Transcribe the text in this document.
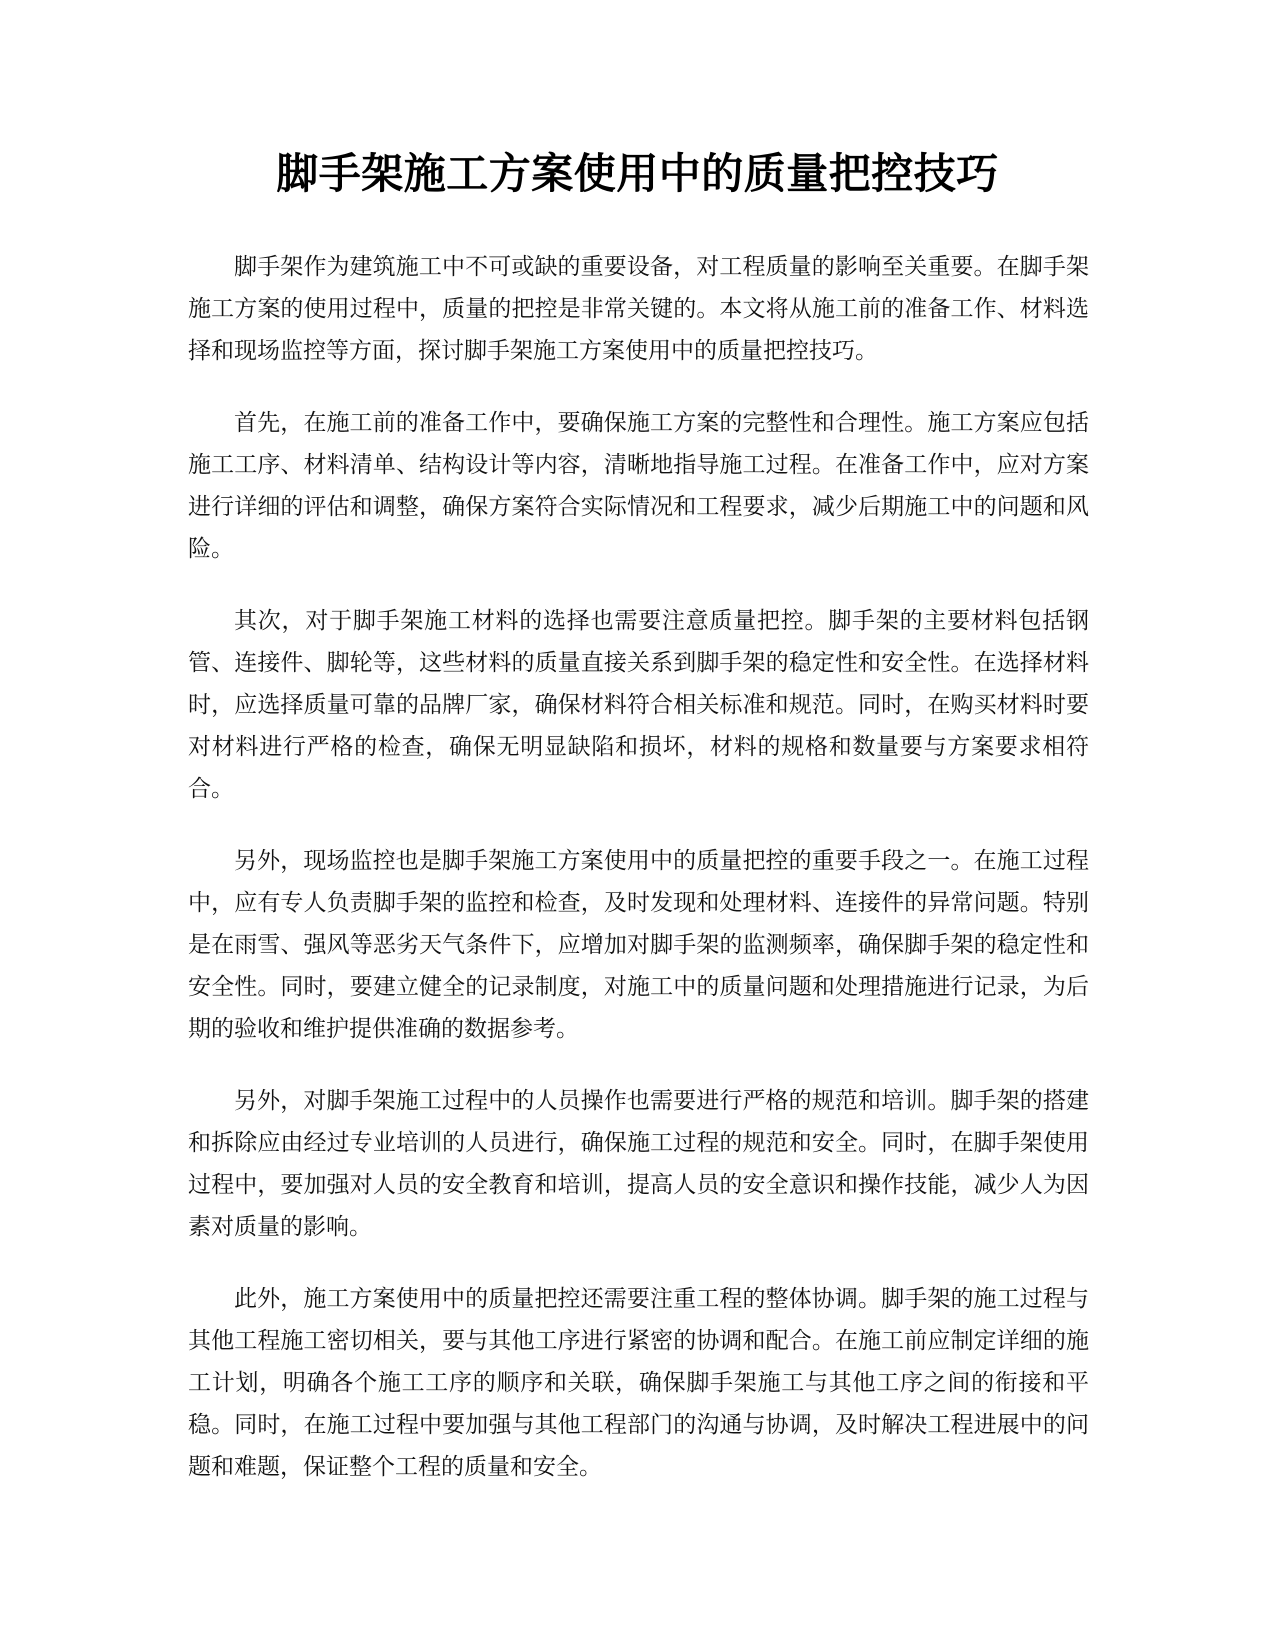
脚手架施工方案使用中的质量把控技巧

脚手架作为建筑施工中不可或缺的重要设备，对工程质量的影响至关重要。在脚手架施工方案的使用过程中，质量的把控是非常关键的。本文将从施工前的准备工作、材料选择和现场监控等方面，探讨脚手架施工方案使用中的质量把控技巧。

首先，在施工前的准备工作中，要确保施工方案的完整性和合理性。施工方案应包括施工工序、材料清单、结构设计等内容，清晰地指导施工过程。在准备工作中，应对方案进行详细的评估和调整，确保方案符合实际情况和工程要求，减少后期施工中的问题和风险。

其次，对于脚手架施工材料的选择也需要注意质量把控。脚手架的主要材料包括钢管、连接件、脚轮等，这些材料的质量直接关系到脚手架的稳定性和安全性。在选择材料时，应选择质量可靠的品牌厂家，确保材料符合相关标准和规范。同时，在购买材料时要对材料进行严格的检查，确保无明显缺陷和损坏，材料的规格和数量要与方案要求相符合。

另外，现场监控也是脚手架施工方案使用中的质量把控的重要手段之一。在施工过程中，应有专人负责脚手架的监控和检查，及时发现和处理材料、连接件的异常问题。特别是在雨雪、强风等恶劣天气条件下，应增加对脚手架的监测频率，确保脚手架的稳定性和安全性。同时，要建立健全的记录制度，对施工中的质量问题和处理措施进行记录，为后期的验收和维护提供准确的数据参考。

另外，对脚手架施工过程中的人员操作也需要进行严格的规范和培训。脚手架的搭建和拆除应由经过专业培训的人员进行，确保施工过程的规范和安全。同时，在脚手架使用过程中，要加强对人员的安全教育和培训，提高人员的安全意识和操作技能，减少人为因素对质量的影响。

此外，施工方案使用中的质量把控还需要注重工程的整体协调。脚手架的施工过程与其他工程施工密切相关，要与其他工序进行紧密的协调和配合。在施工前应制定详细的施工计划，明确各个施工工序的顺序和关联，确保脚手架施工与其他工序之间的衔接和平稳。同时，在施工过程中要加强与其他工程部门的沟通与协调，及时解决工程进展中的问题和难题，保证整个工程的质量和安全。
